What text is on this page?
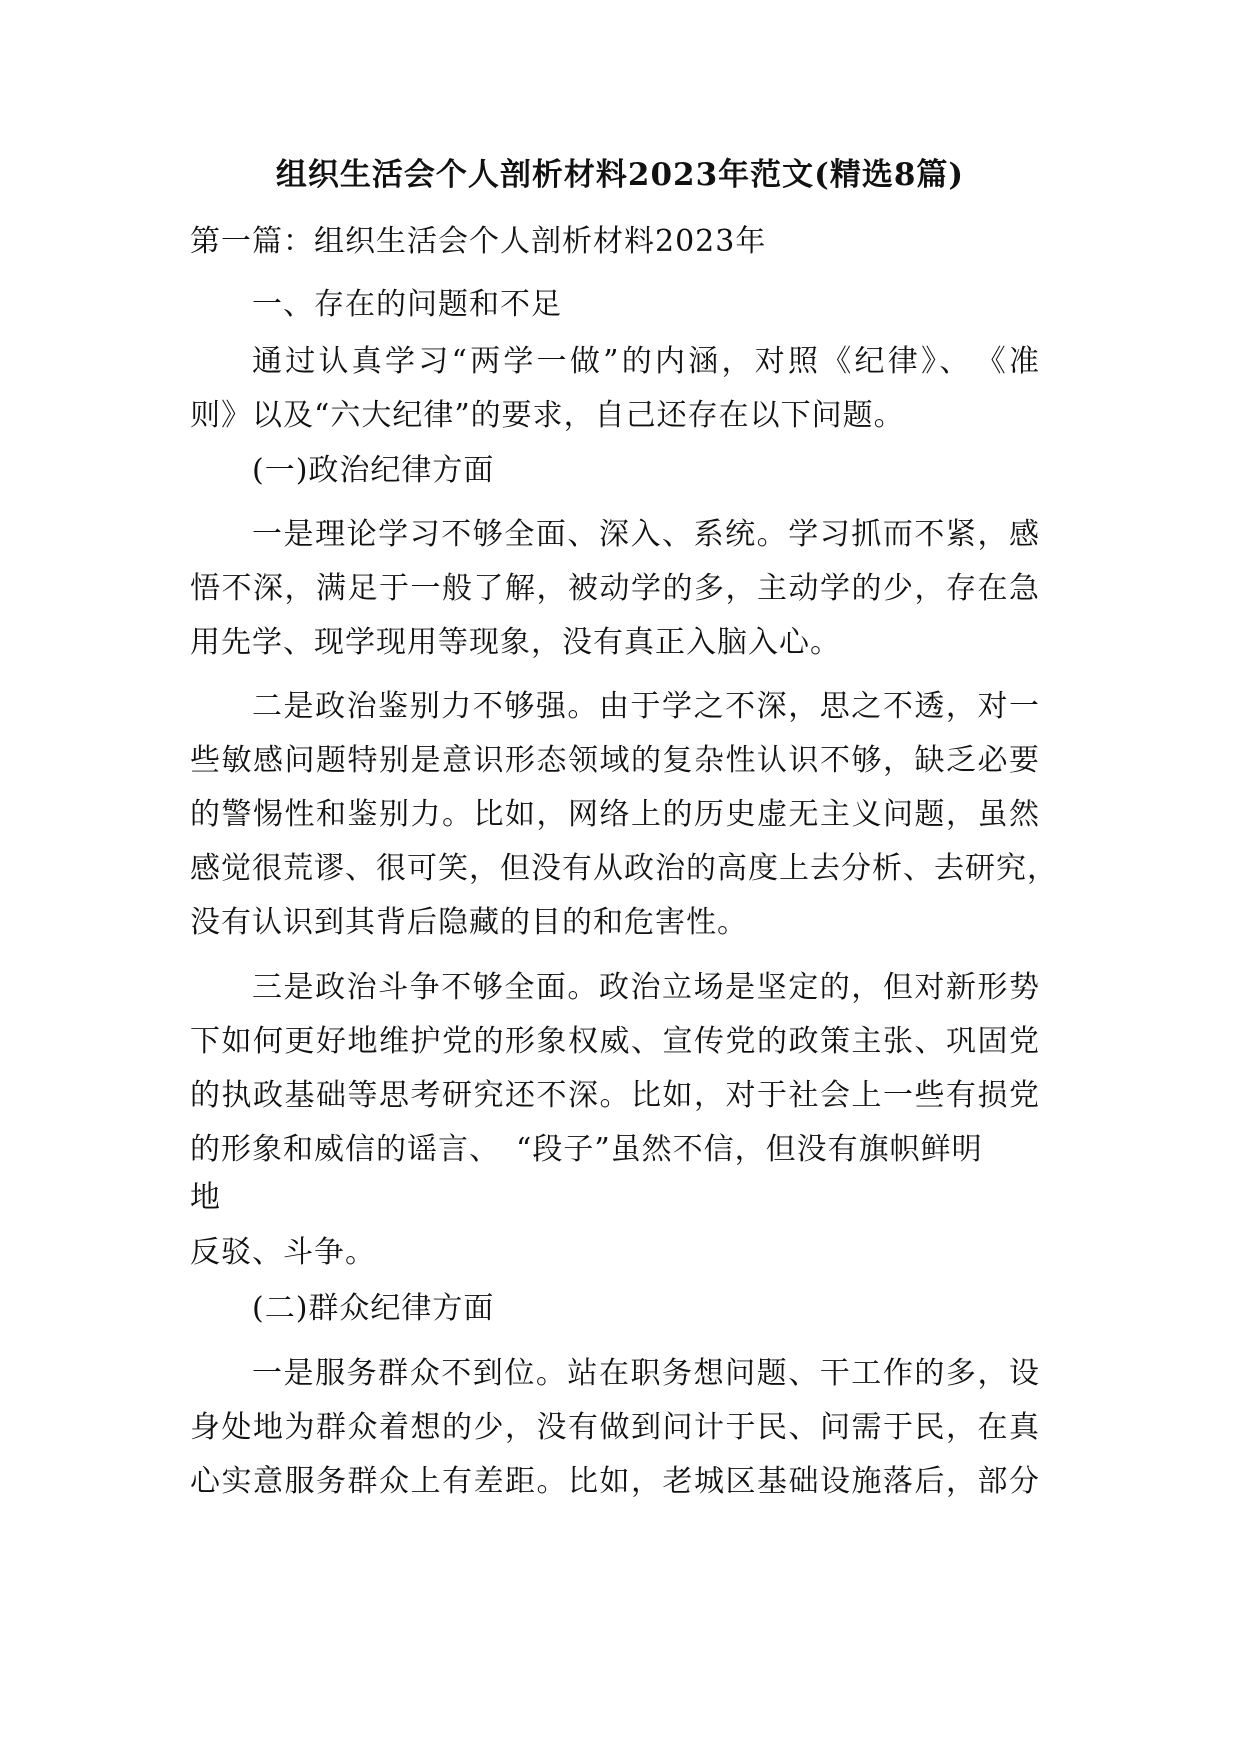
组织生活会个人剖析材料2023年范文(精选8篇)
第一篇：组织生活会个人剖析材料2023年
一、存在的问题和不足
通过认真学习“两学一做”的内涵，对照《纪律》、　《准
则》以及“六大纪律”的要求，自己还存在以下问题。
(一)政治纪律方面
一是理论学习不够全面、深入、系统。学习抓而不紧，感
悟不深，满足于一般了解，被动学的多，主动学的少，存在急
用先学、现学现用等现象，没有真正入脑入心。
二是政治鉴别力不够强。由于学之不深，思之不透，对一
些敏感问题特别是意识形态领域的复杂性认识不够，缺乏必要
的警惕性和鉴别力。比如，网络上的历史虚无主义问题，虽然
感觉很荒谬、很可笑，但没有从政治的高度上去分析、去研究，
没有认识到其背后隐藏的目的和危害性。
三是政治斗争不够全面。政治立场是坚定的，但对新形势
下如何更好地维护党的形象权威、宣传党的政策主张、巩固党
的执政基础等思考研究还不深。比如，对于社会上一些有损党
的形象和威信的谣言、　“段子”虽然不信，但没有旗帜鲜明
地
反驳、斗争。
(二)群众纪律方面
一是服务群众不到位。站在职务想问题、干工作的多，设
身处地为群众着想的少，没有做到问计于民、问需于民，在真
心实意服务群众上有差距。比如，老城区基础设施落后，部分
